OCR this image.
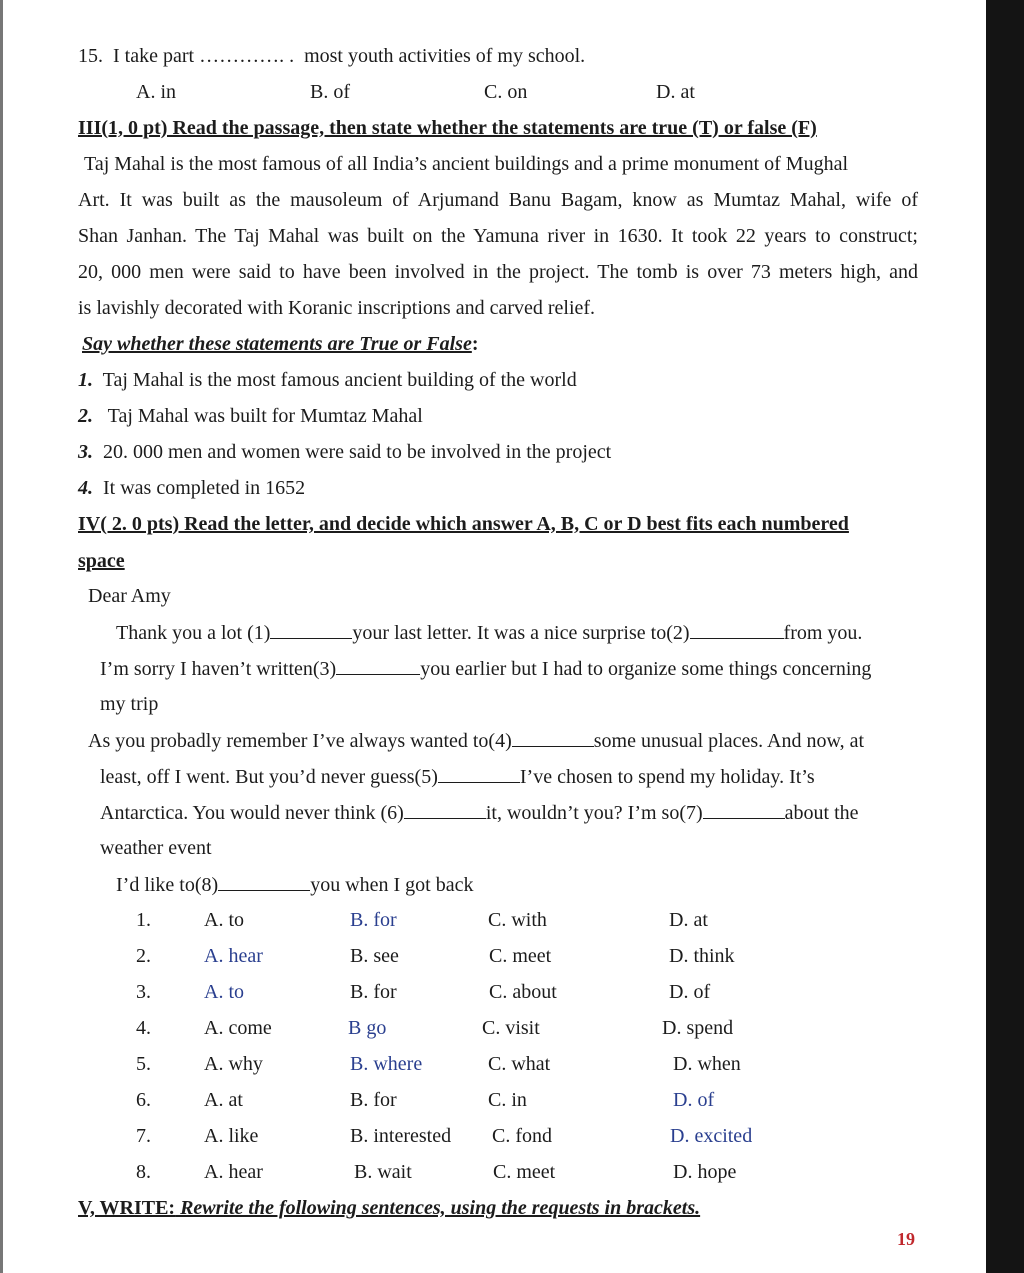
15. I take part …………. . most youth activities of my school.
A. in	B. of	C. on	D. at
III(1, 0 pt) Read the passage, then state whether the statements are true (T) or false (F)
Taj Mahal is the most famous of all India’s ancient buildings and a prime monument of Mughal
Art. It was built as the mausoleum of Arjumand Banu Bagam, know as Mumtaz Mahal, wife of
Shan Janhan. The Taj Mahal was built on the Yamuna river in 1630. It took 22 years to construct;
20, 000 men were said to have been involved in the project. The tomb is over 73 meters high, and
is lavishly decorated with Koranic inscriptions and carved relief.
Say whether these statements are True or False:
1. Taj Mahal is the most famous ancient building of the world
2. Taj Mahal was built for Mumtaz Mahal
3. 20. 000 men and women were said to be involved in the project
4. It was completed in 1652
IV( 2. 0 pts) Read the letter, and decide which answer A, B, C or D best fits each numbered
space
Dear Amy
Thank you a lot (1)	your last letter. It was a nice surprise to(2)	from you.
I’m sorry I haven’t written(3)	you earlier but I had to organize some things concerning
my trip
As you probadly remember I’ve always wanted to(4)	some unusual places. And now, at
least, off I went. But you’d never guess(5)	I’ve chosen to spend my holiday. It’s
Antarctica. You would never think (6)	it, wouldn’t you? I’m so(7)	about the
weather event
I’d like to(8)	you when I got back
1.	A. to	B. for	C. with	D. at
2.	A. hear	B. see	C. meet	D. think
3.	A. to	B. for	C. about	D. of
4.	A. come	B go	C. visit	D. spend
5.	A. why	B. where	C. what	D. when
6.	A. at	B. for	C. in	D. of
7.	A. like	B. interested C. fond	D. excited
8.	A. hear	B. wait	C. meet	D. hope
V, WRITE: Rewrite the following sentences, using the requests in brackets.
19
